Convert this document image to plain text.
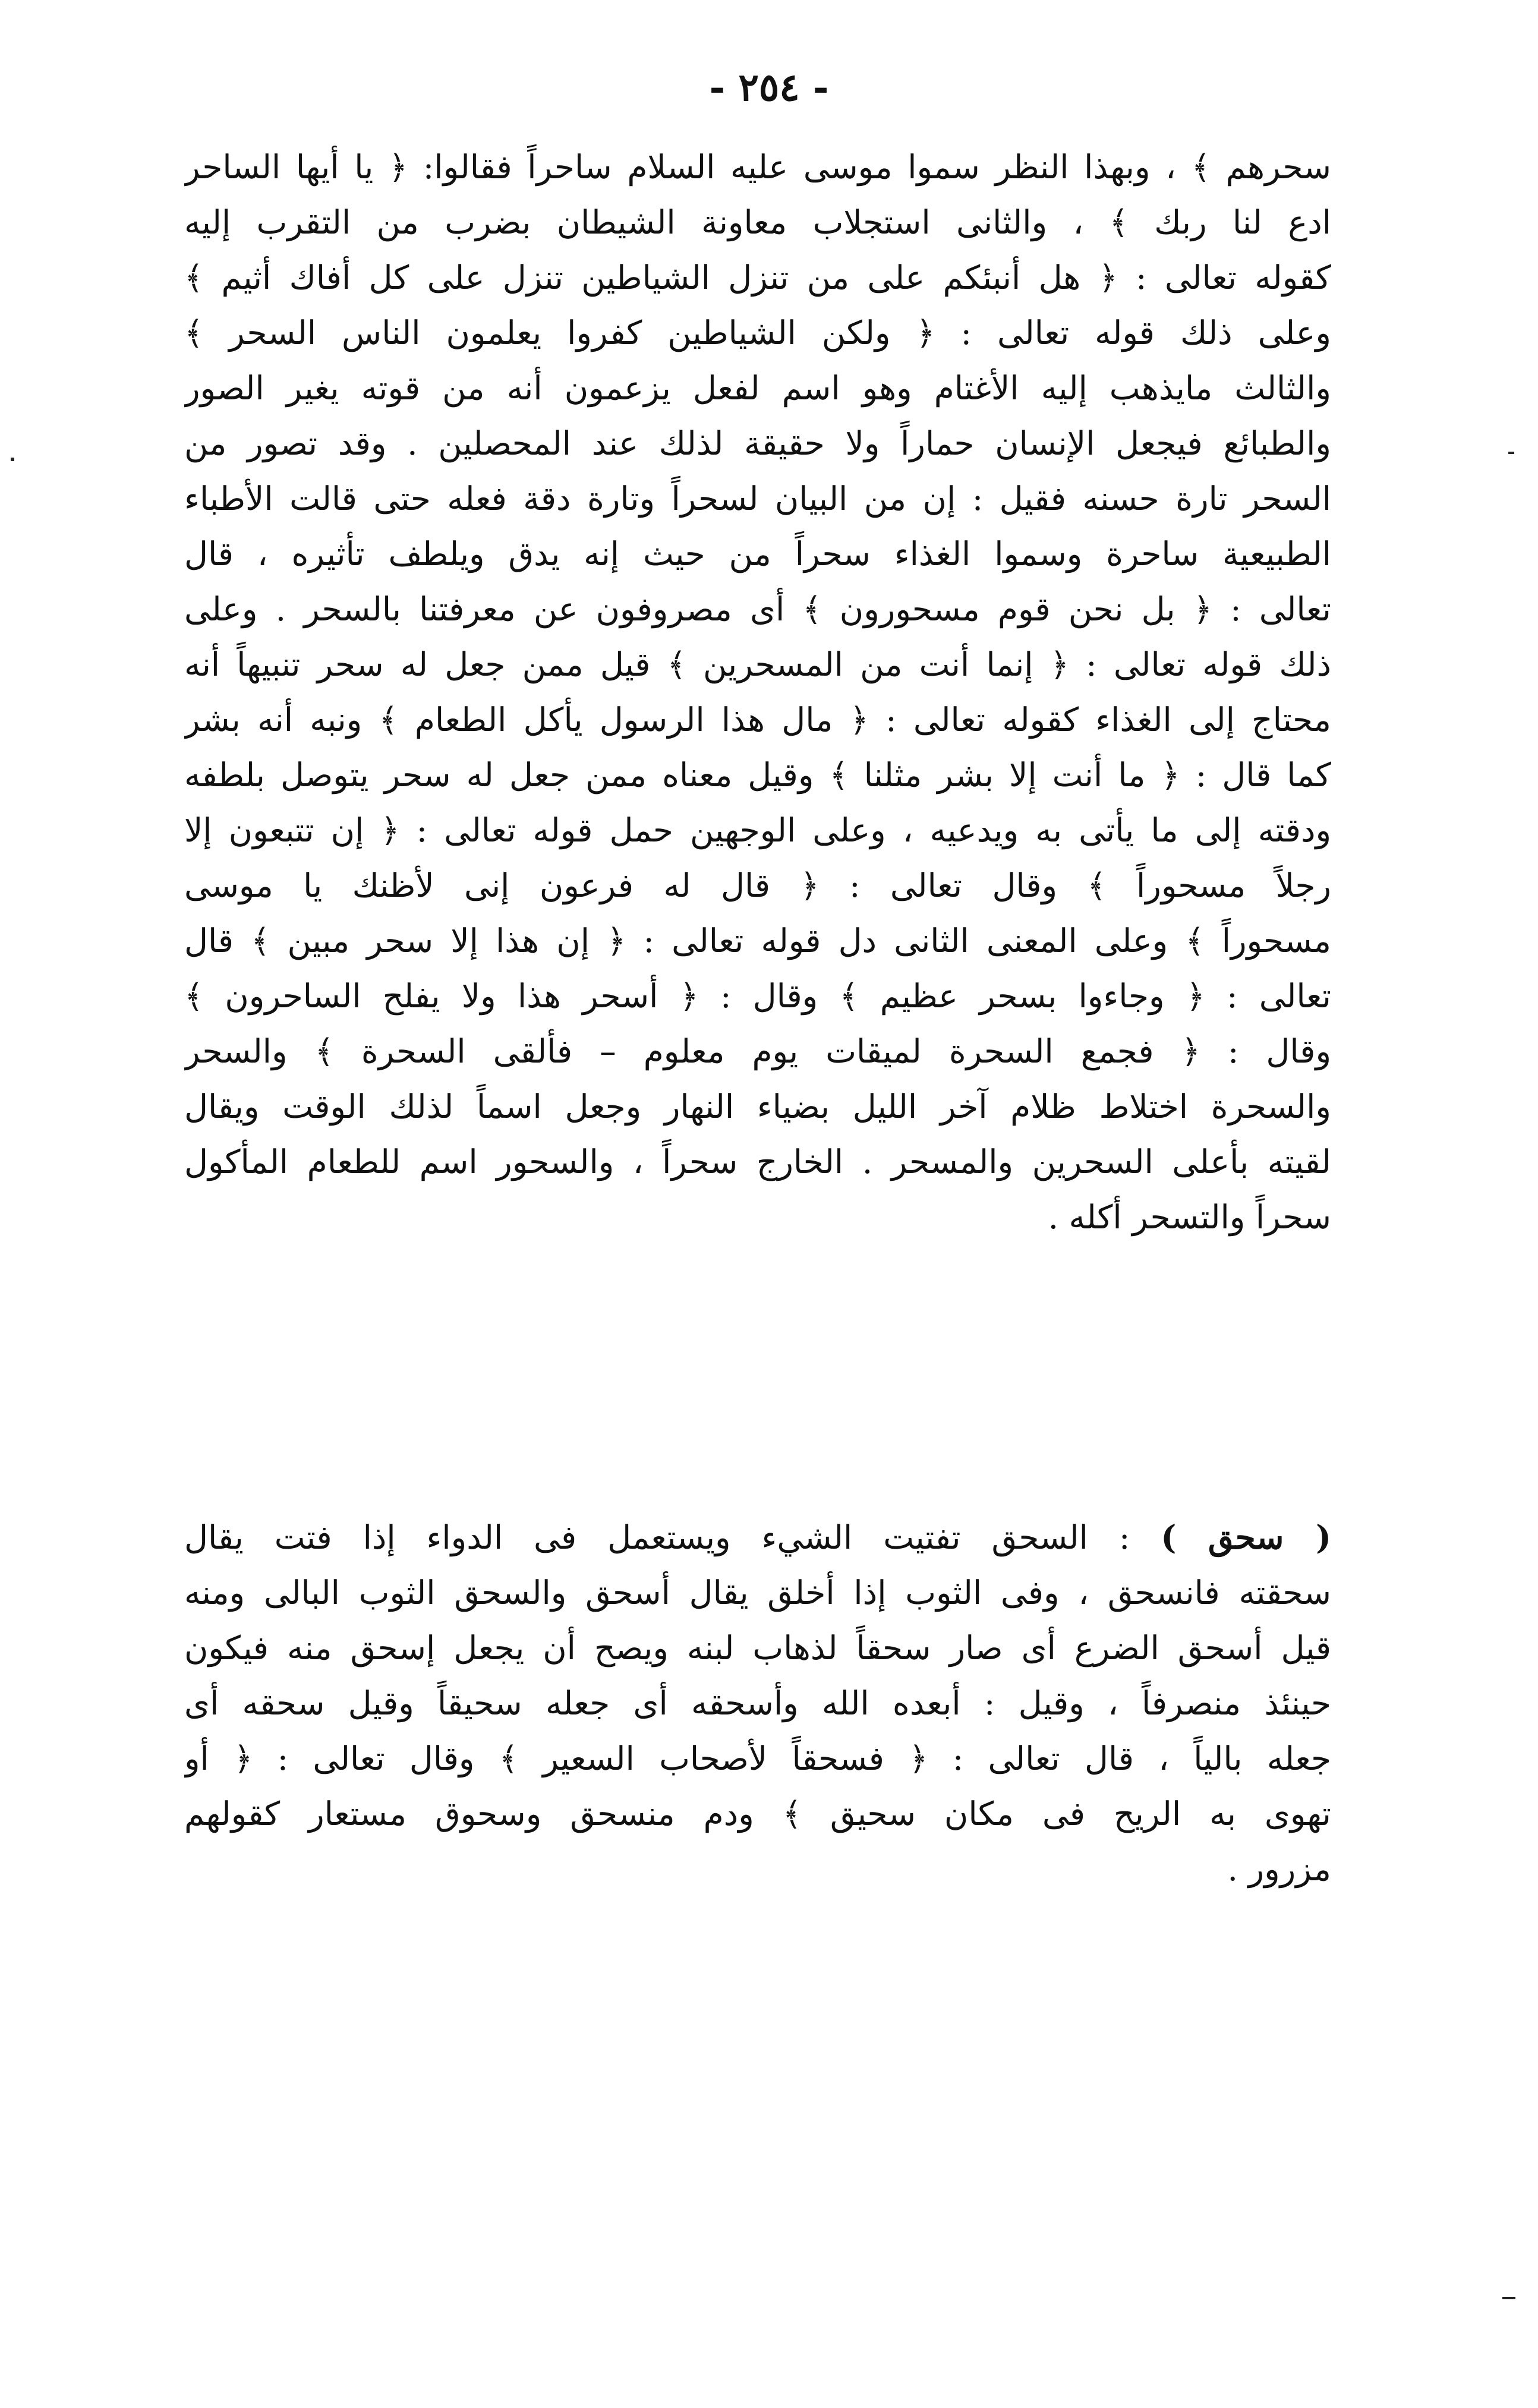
- ٢٥٤ -
سحرهم ﴾ ، وبهذا النظر سموا موسى عليه السلام ساحراً فقالوا: ﴿ يا أيها الساحر
ادع لنا ربك ﴾ ، والثانى استجلاب معاونة الشيطان بضرب من التقرب إليه
كقوله تعالى : ﴿ هل أنبئكم على من تنزل الشياطين تنزل على كل أفاك أثيم ﴾
وعلى ذلك قوله تعالى : ﴿ ولكن الشياطين كفروا يعلمون الناس السحر ﴾
والثالث مايذهب إليه الأغتام وهو اسم لفعل يزعمون أنه من قوته يغير الصور
والطبائع فيجعل الإنسان حماراً ولا حقيقة لذلك عند المحصلين . وقد تصور من
السحر تارة حسنه فقيل : إن من البيان لسحراً وتارة دقة فعله حتى قالت الأطباء
الطبيعية ساحرة وسموا الغذاء سحراً من حيث إنه يدق ويلطف تأثيره ، قال
تعالى : ﴿ بل نحن قوم مسحورون ﴾ أى مصروفون عن معرفتنا بالسحر . وعلى
ذلك قوله تعالى : ﴿ إنما أنت من المسحرين ﴾ قيل ممن جعل له سحر تنبيهاً أنه
محتاج إلى الغذاء كقوله تعالى : ﴿ مال هذا الرسول يأكل الطعام ﴾ ونبه أنه بشر
كما قال : ﴿ ما أنت إلا بشر مثلنا ﴾ وقيل معناه ممن جعل له سحر يتوصل بلطفه
ودقته إلى ما يأتى به ويدعيه ، وعلى الوجهين حمل قوله تعالى : ﴿ إن تتبعون إلا
رجلاً مسحوراً ﴾ وقال تعالى : ﴿ قال له فرعون إنى لأظنك يا موسى
مسحوراً ﴾ وعلى المعنى الثانى دل قوله تعالى : ﴿ إن هذا إلا سحر مبين ﴾ قال
تعالى : ﴿ وجاءوا بسحر عظيم ﴾ وقال : ﴿ أسحر هذا ولا يفلح الساحرون ﴾
وقال : ﴿ فجمع السحرة لميقات يوم معلوم – فألقى السحرة ﴾ والسحر
والسحرة اختلاط ظلام آخر الليل بضياء النهار وجعل اسماً لذلك الوقت ويقال
لقيته بأعلى السحرين والمسحر . الخارج سحراً ، والسحور اسم للطعام المأكول
سحراً والتسحر أكله .
( سحق ) : السحق تفتيت الشيء ويستعمل فى الدواء إذا فتت يقال
سحقته فانسحق ، وفى الثوب إذا أخلق يقال أسحق والسحق الثوب البالى ومنه
قيل أسحق الضرع أى صار سحقاً لذهاب لبنه ويصح أن يجعل إسحق منه فيكون
حينئذ منصرفاً ، وقيل : أبعده الله وأسحقه أى جعله سحيقاً وقيل سحقه أى
جعله بالياً ، قال تعالى : ﴿ فسحقاً لأصحاب السعير ﴾ وقال تعالى : ﴿ أو
تهوى به الريح فى مكان سحيق ﴾ ودم منسحق وسحوق مستعار كقولهم
مزرور .
